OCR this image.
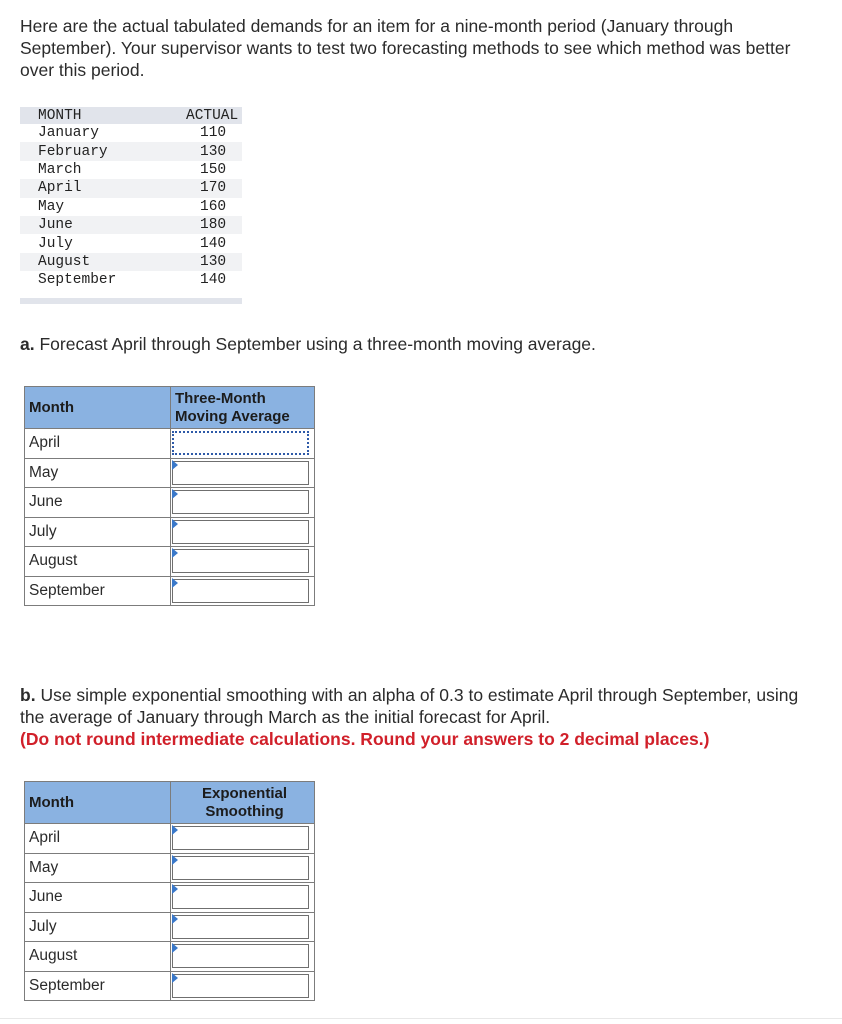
Here are the actual tabulated demands for an item for a nine-month period (January through September). Your supervisor wants to test two forecasting methods to see which method was better over this period.

MONTH	ACTUAL
January	110
February	130
March	150
April	170
May	160
June	180
July	140
August	130
September	140

a. Forecast April through September using a three-month moving average.

Month	Three-Month
Moving Average

April	

May	

June	

July	

August	

September	

b. Use simple exponential smoothing with an alpha of 0.3 to estimate April through September, using the average of January through March as the initial forecast for April.
(Do not round intermediate calculations. Round your answers to 2 decimal places.)

Month	Exponential
Smoothing

April	

May	

June	

July	

August	

September	
